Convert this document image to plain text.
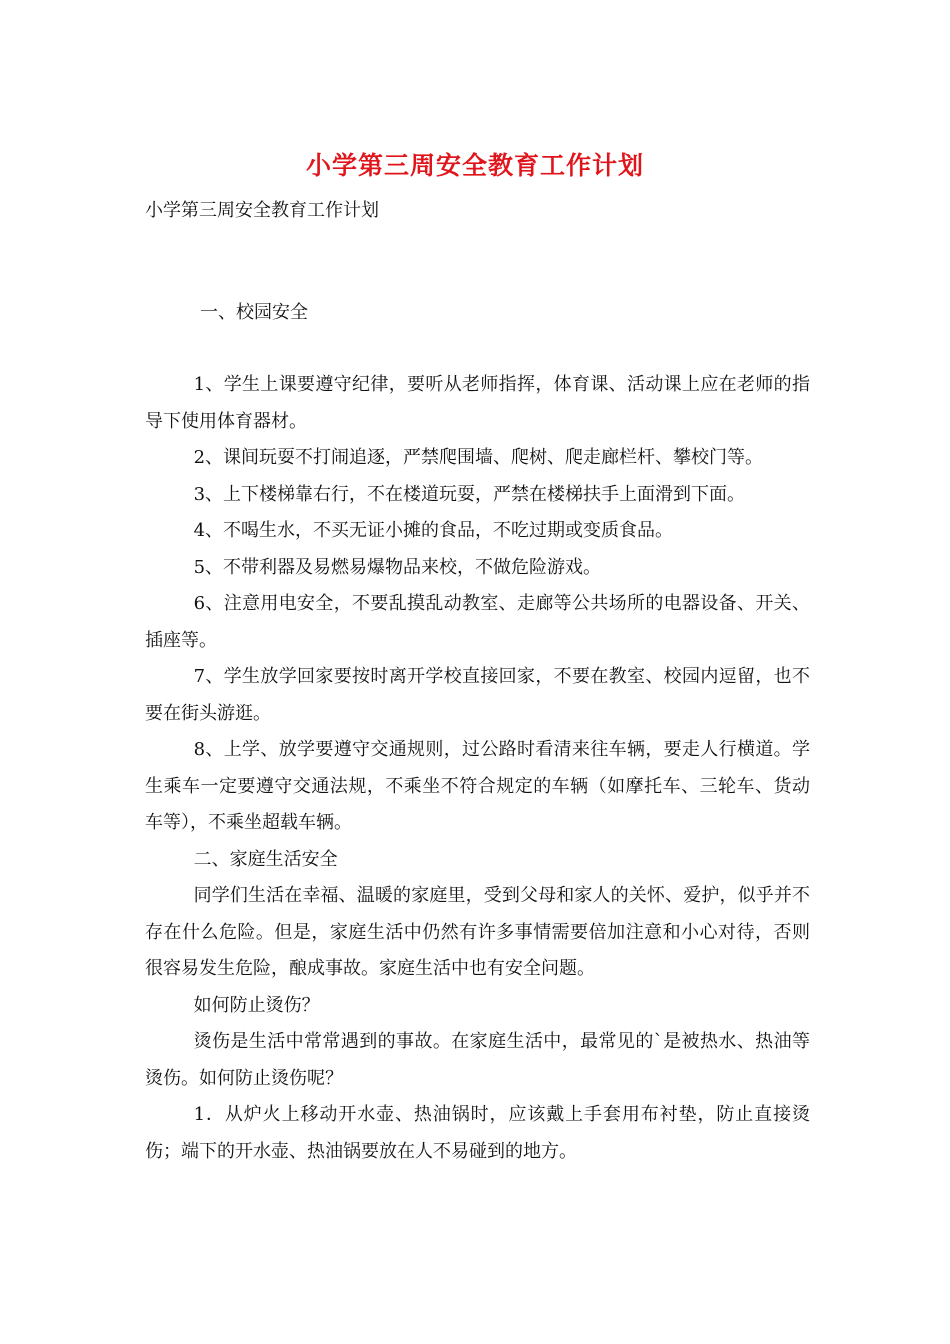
小学第三周安全教育工作计划
小学第三周安全教育工作计划
一、校园安全

1、学生上课要遵守纪律，要听从老师指挥，体育课、活动课上应在老师的指导下使用体育器材。

2、课间玩耍不打闹追逐，严禁爬围墙、爬树、爬走廊栏杆、攀校门等。

3、上下楼梯靠右行，不在楼道玩耍，严禁在楼梯扶手上面滑到下面。

4、不喝生水，不买无证小摊的食品，不吃过期或变质食品。

5、不带利器及易燃易爆物品来校，不做危险游戏。

6、注意用电安全，不要乱摸乱动教室、走廊等公共场所的电器设备、开关、插座等。

7、学生放学回家要按时离开学校直接回家，不要在教室、校园内逗留，也不要在街头游逛。

8、上学、放学要遵守交通规则，过公路时看清来往车辆，要走人行横道。学生乘车一定要遵守交通法规，不乘坐不符合规定的车辆（如摩托车、三轮车、货动车等），不乘坐超载车辆。

二、家庭生活安全

同学们生活在幸福、温暖的家庭里，受到父母和家人的关怀、爱护，似乎并不存在什么危险。但是，家庭生活中仍然有许多事情需要倍加注意和小心对待，否则很容易发生危险，酿成事故。家庭生活中也有安全问题。

如何防止烫伤？

烫伤是生活中常常遇到的事故。在家庭生活中，最常见的`是被热水、热油等烫伤。如何防止烫伤呢？

1．从炉火上移动开水壶、热油锅时，应该戴上手套用布衬垫，防止直接烫伤；端下的开水壶、热油锅要放在人不易碰到的地方。
